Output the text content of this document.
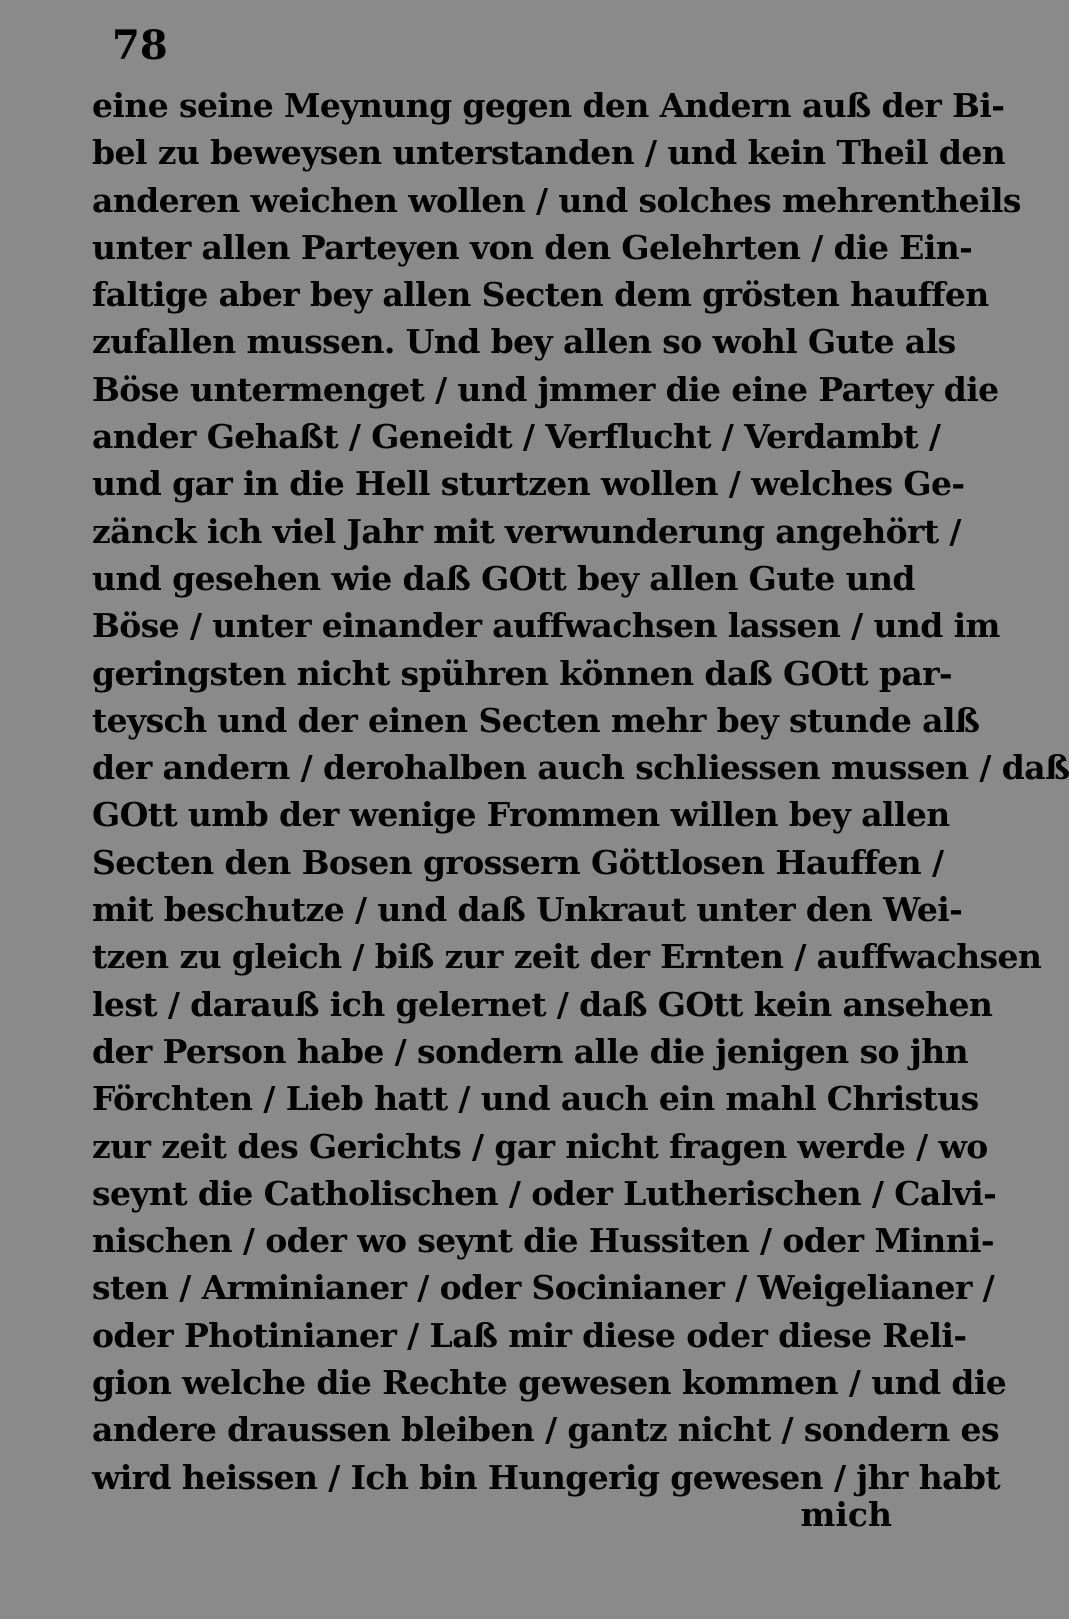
78
eine seine Meynung gegen den Andern auß der Bi-
bel zu beweysen unterstanden / und kein Theil den
anderen weichen wollen / und solches mehrentheils
unter allen Parteyen von den Gelehrten / die Ein-
faltige aber bey allen Secten dem grösten hauffen
zufallen mussen. Und bey allen so wohl Gute als
Böse untermenget / und jmmer die eine Partey die
ander Gehaßt / Geneidt / Verflucht / Verdambt /
und gar in die Hell sturtzen wollen / welches Ge-
zänck ich viel Jahr mit verwunderung angehört /
und gesehen wie daß GOtt bey allen Gute und
Böse / unter einander auffwachsen lassen / und im
geringsten nicht spühren können daß GOtt par-
teysch und der einen Secten mehr bey stunde alß
der andern / derohalben auch schliessen mussen / daß
GOtt umb der wenige Frommen willen bey allen
Secten den Bosen grossern Göttlosen Hauffen /
mit beschutze / und daß Unkraut unter den Wei-
tzen zu gleich / biß zur zeit der Ernten / auffwachsen
lest / darauß ich gelernet / daß GOtt kein ansehen
der Person habe / sondern alle die jenigen so jhn
Förchten / Lieb hatt / und auch ein mahl Christus
zur zeit des Gerichts / gar nicht fragen werde / wo
seynt die Catholischen / oder Lutherischen / Calvi-
nischen / oder wo seynt die Hussiten / oder Minni-
sten / Arminianer / oder Socinianer / Weigelianer /
oder Photinianer / Laß mir diese oder diese Reli-
gion welche die Rechte gewesen kommen / und die
andere draussen bleiben / gantz nicht / sondern es
wird heissen / Ich bin Hungerig gewesen / jhr habt
mich
